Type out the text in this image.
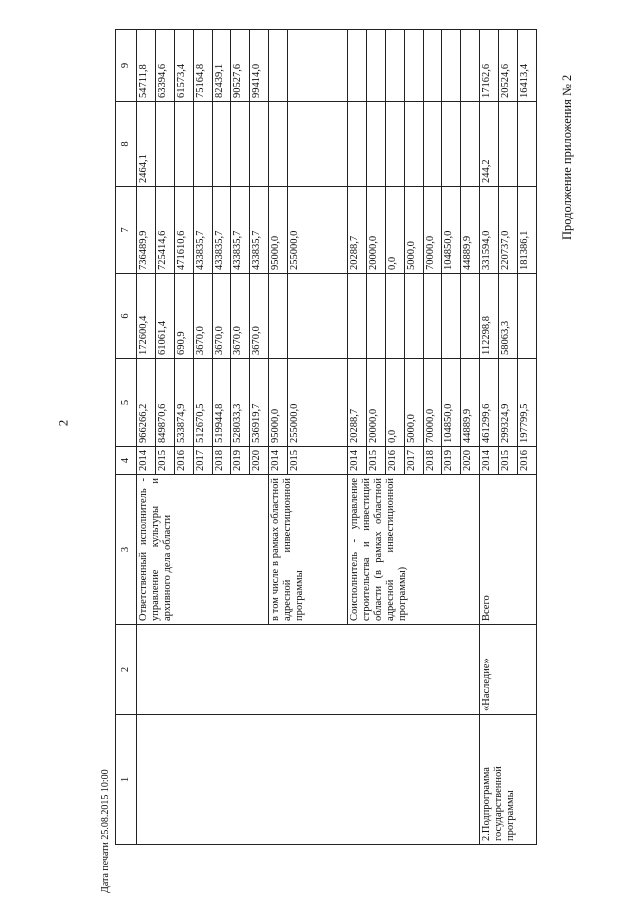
2
Продолжение приложения № 2
Дата печати 25.08.2015 10:00 1	2	3	4	5	6	7	8	9
		Ответственный исполнитель - управление культуры и архивного дела области	2014	966266,2	172600,4	736489,9	2464,1	54711,8
			2015	849870,6	61061,4	725414,6		63394,6
			2016	533874,9	690,9	471610,6		61573,4
			2017	512670,5	3670,0	433835,7		75164,8
			2018	519944,8	3670,0	433835,7		82439,1
			2019	528033,3	3670,0	433835,7		90527,6
			2020	536919,7	3670,0	433835,7		99414,0
		в том числе в рамках областной адресной инвестиционной программы	2014	95000,0		95000,0		
			2015	255000,0		255000,0		
		Соисполнитель - управление строительства и инвестиций области (в рамках областной адресной инвестиционной программы)	2014	20288,7		20288,7		
			2015	20000,0		20000,0		
			2016	0,0		0,0		
			2017	5000,0		5000,0		
			2018	70000,0		70000,0		
			2019	104850,0		104850,0		
			2020	44889,9		44889,9		
2.Подпрограмма государственной программы	«Наследие»	Всего	2014	461299,6	112298,8	331594,0	244,2	17162,6
			2015	299324,9	58063,3	220737,0		20524,6
			2016	197799,5		181386,1		16413,4
